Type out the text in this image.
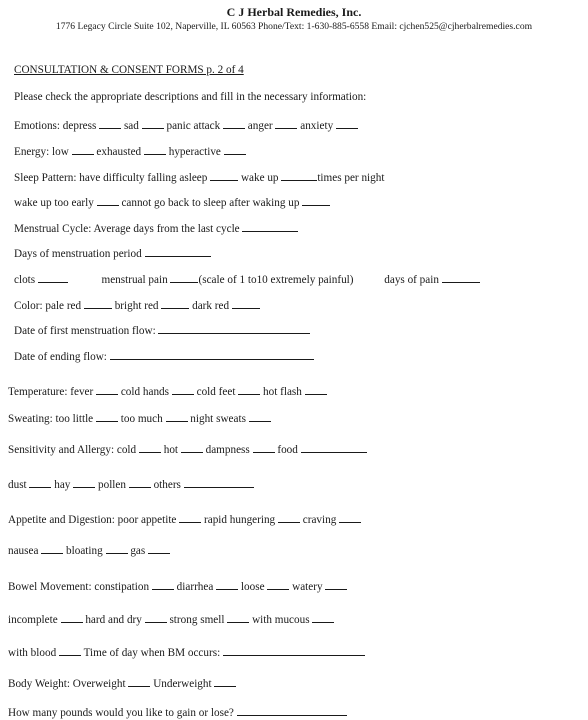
C J Herbal Remedies, Inc.
1776 Legacy Circle Suite 102, Naperville, IL 60563 Phone/Text: 1-630-885-6558 Email: cjchen525@cjherbalremedies.com
CONSULTATION & CONSENT FORMS p. 2 of 4
Please check the appropriate descriptions and fill in the necessary information:
Emotions: depress  sad  panic attack  anger  anxiety
Energy: low  exhausted  hyperactive
Sleep Pattern: have difficulty falling asleep	wake up	times per night
wake up too early  cannot go back to sleep after waking up
Menstrual Cycle: Average days from the last cycle
Days of menstruation period
clots	menstrual pain	(scale of 1 to10 extremely painful)           days of pain
Color: pale red	bright red	dark red
Date of first menstruation flow:
Date of ending flow:
Temperature: fever  cold hands  cold feet  hot flash
Sweating: too little  too much  night sweats
Sensitivity and Allergy: cold  hot  dampness  food
dust  hay  pollen  others
Appetite and Digestion: poor appetite  rapid hungering  craving
nausea  bloating  gas
Bowel Movement: constipation  diarrhea  loose  watery
incomplete  hard and dry  strong smell  with mucous
with blood  Time of day when BM occurs:
Body Weight: Overweight  Underweight
How many pounds would you like to gain or lose?
